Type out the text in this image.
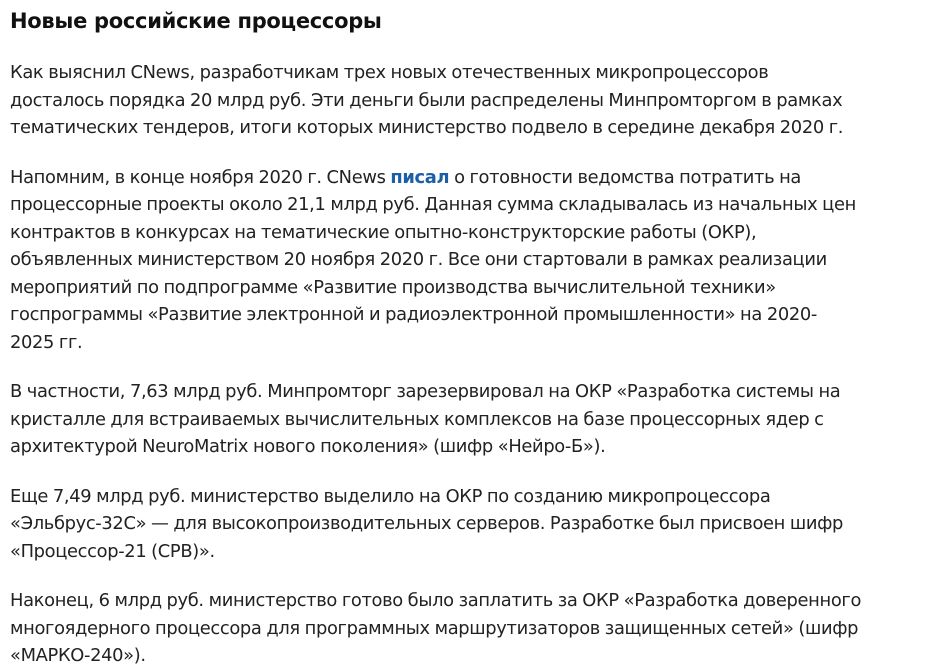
Новые российские процессоры

Как выяснил CNews, разработчикам трех новых отечественных микропроцессоров
досталось порядка 20 млрд руб. Эти деньги были распределены Минпромторгом в рамках
тематических тендеров, итоги которых министерство подвело в середине декабря 2020 г.

Напомним, в конце ноября 2020 г. CNews писал о готовности ведомства потратить на
процессорные проекты около 21,1 млрд руб. Данная сумма складывалась из начальных цен
контрактов в конкурсах на тематические опытно-конструкторские работы (ОКР),
объявленных министерством 20 ноября 2020 г. Все они стартовали в рамках реализации
мероприятий по подпрограмме «Развитие производства вычислительной техники»
госпрограммы «Развитие электронной и радиоэлектронной промышленности» на 2020-
2025 гг.

В частности, 7,63 млрд руб. Минпромторг зарезервировал на ОКР «Разработка системы на
кристалле для встраиваемых вычислительных комплексов на базе процессорных ядер с
архитектурой NeuroMatrix нового поколения» (шифр «Нейро-Б»).

Еще 7,49 млрд руб. министерство выделило на ОКР по созданию микропроцессора
«Эльбрус-32С» — для высокопроизводительных серверов. Разработке был присвоен шифр
«Процессор-21 (СРВ)».

Наконец, 6 млрд руб. министерство готово было заплатить за ОКР «Разработка доверенного
многоядерного процессора для программных маршрутизаторов защищенных сетей» (шифр
«МАРКО-240»).
